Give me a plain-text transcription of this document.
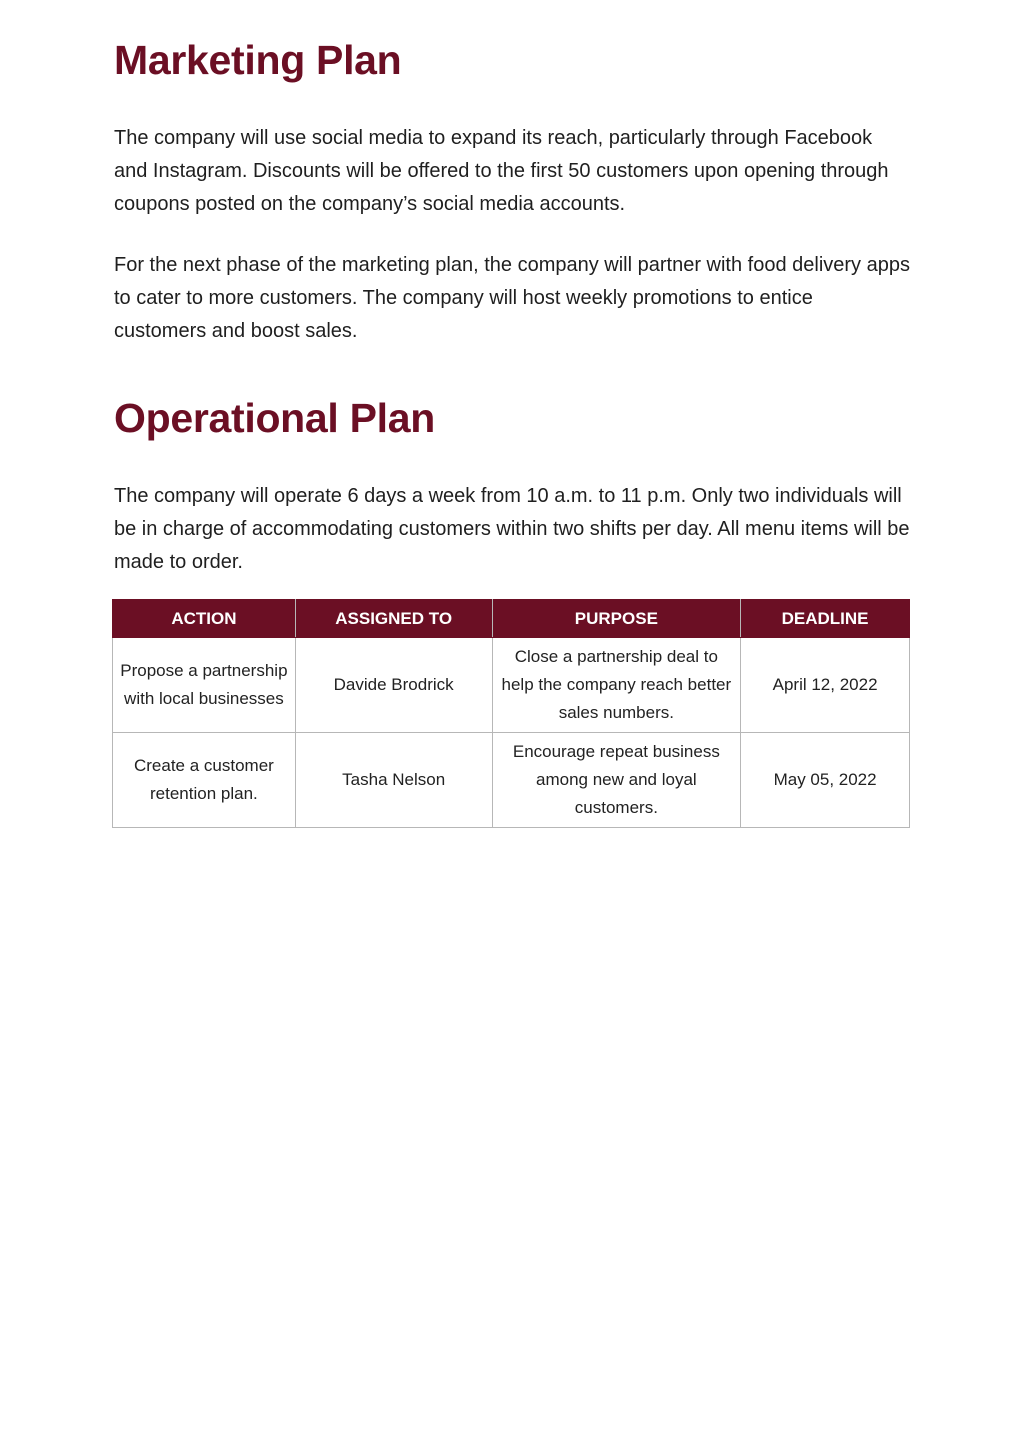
Marketing Plan

The company will use social media to expand its reach, particularly through Facebook and Instagram. Discounts will be offered to the first 50 customers upon opening through coupons posted on the company’s social media accounts.

For the next phase of the marketing plan, the company will partner with food delivery apps to cater to more customers. The company will host weekly promotions to entice customers and boost sales.

Operational Plan

The company will operate 6 days a week from 10 a.m. to 11 p.m. Only two individuals will be in charge of accommodating customers within two shifts per day. All menu items will be made to order.

ACTION	ASSIGNED TO	PURPOSE	DEADLINE
Propose a partnership with local businesses	Davide Brodrick	Close a partnership deal to help the company reach better sales numbers.	April 12, 2022
Create a customer retention plan.	Tasha Nelson	Encourage repeat business among new and loyal customers.	May 05, 2022
